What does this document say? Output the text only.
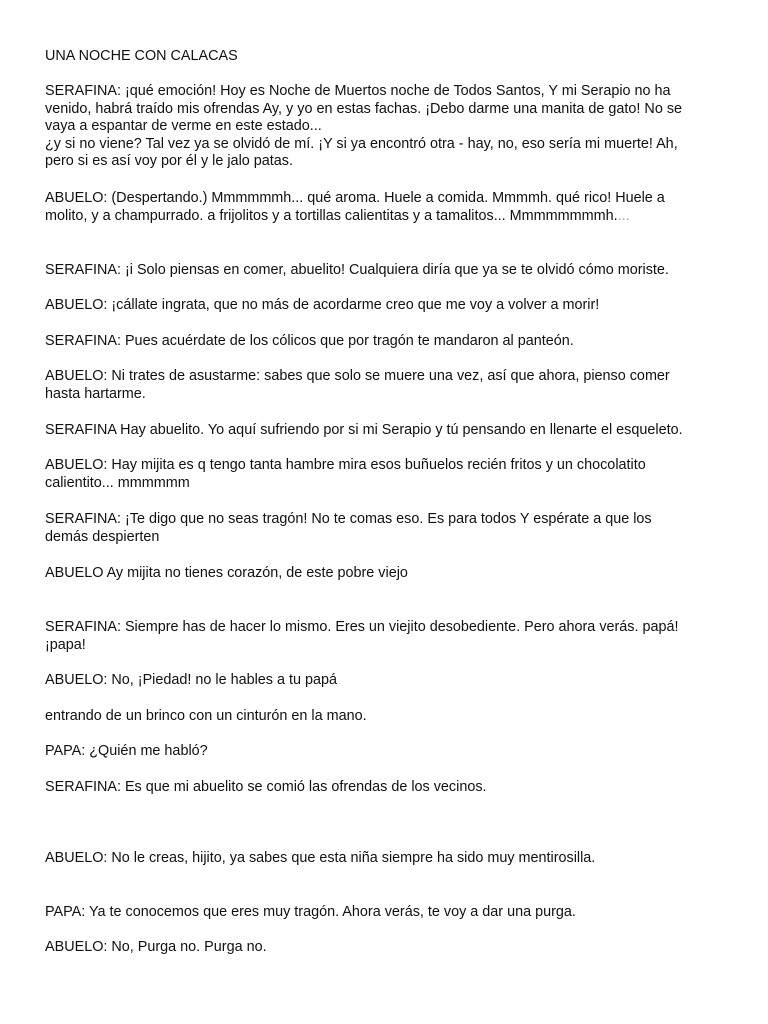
UNA NOCHE CON CALACAS

SERAFINA: ¡qué emoción! Hoy es Noche de Muertos noche de Todos Santos, Y mi Serapio no ha
venido, habrá traído mis ofrendas Ay, y yo en estas fachas. ¡Debo darme una manita de gato! No se
vaya a espantar de verme en este estado...
¿y si no viene? Tal vez ya se olvidó de mí. ¡Y si ya encontró otra - hay, no, eso sería mi muerte! Ah,
pero si es así voy por él y le jalo patas.

ABUELO: (Despertando.) Mmmmmmh... qué aroma. Huele a comida. Mmmmh. qué rico! Huele a
molito, y a champurrado. a frijolitos y a tortillas calientitas y a tamalitos... Mmmmmmmmh....

SERAFINA: ¡i Solo piensas en comer, abuelito! Cualquiera diría que ya se te olvidó cómo moriste.

ABUELO: ¡cállate ingrata, que no más de acordarme creo que me voy a volver a morir!

SERAFINA: Pues acuérdate de los cólicos que por tragón te mandaron al panteón.

ABUELO: Ni trates de asustarme: sabes que solo se muere una vez, así que ahora, pienso comer
hasta hartarme.

SERAFINA Hay abuelito. Yo aquí sufriendo por si mi Serapio y tú pensando en llenarte el esqueleto.

ABUELO: Hay mijita es q tengo tanta hambre mira esos buñuelos recién fritos y un chocolatito
calientito... mmmmmm

SERAFINA: ¡Te digo que no seas tragón! No te comas eso. Es para todos Y espérate a que los
demás despierten

ABUELO Ay mijita no tienes corazón, de este pobre viejo

SERAFINA: Siempre has de hacer lo mismo. Eres un viejito desobediente. Pero ahora verás. papá!
¡papa!

ABUELO: No, ¡Piedad! no le hables a tu papá

entrando de un brinco con un cinturón en la mano.

PAPA: ¿Quién me habló?

SERAFINA: Es que mi abuelito se comió las ofrendas de los vecinos.

ABUELO: No le creas, hijito, ya sabes que esta niña siempre ha sido muy mentirosilla.

PAPA: Ya te conocemos que eres muy tragón. Ahora verás, te voy a dar una purga.

ABUELO: No, Purga no. Purga no.
